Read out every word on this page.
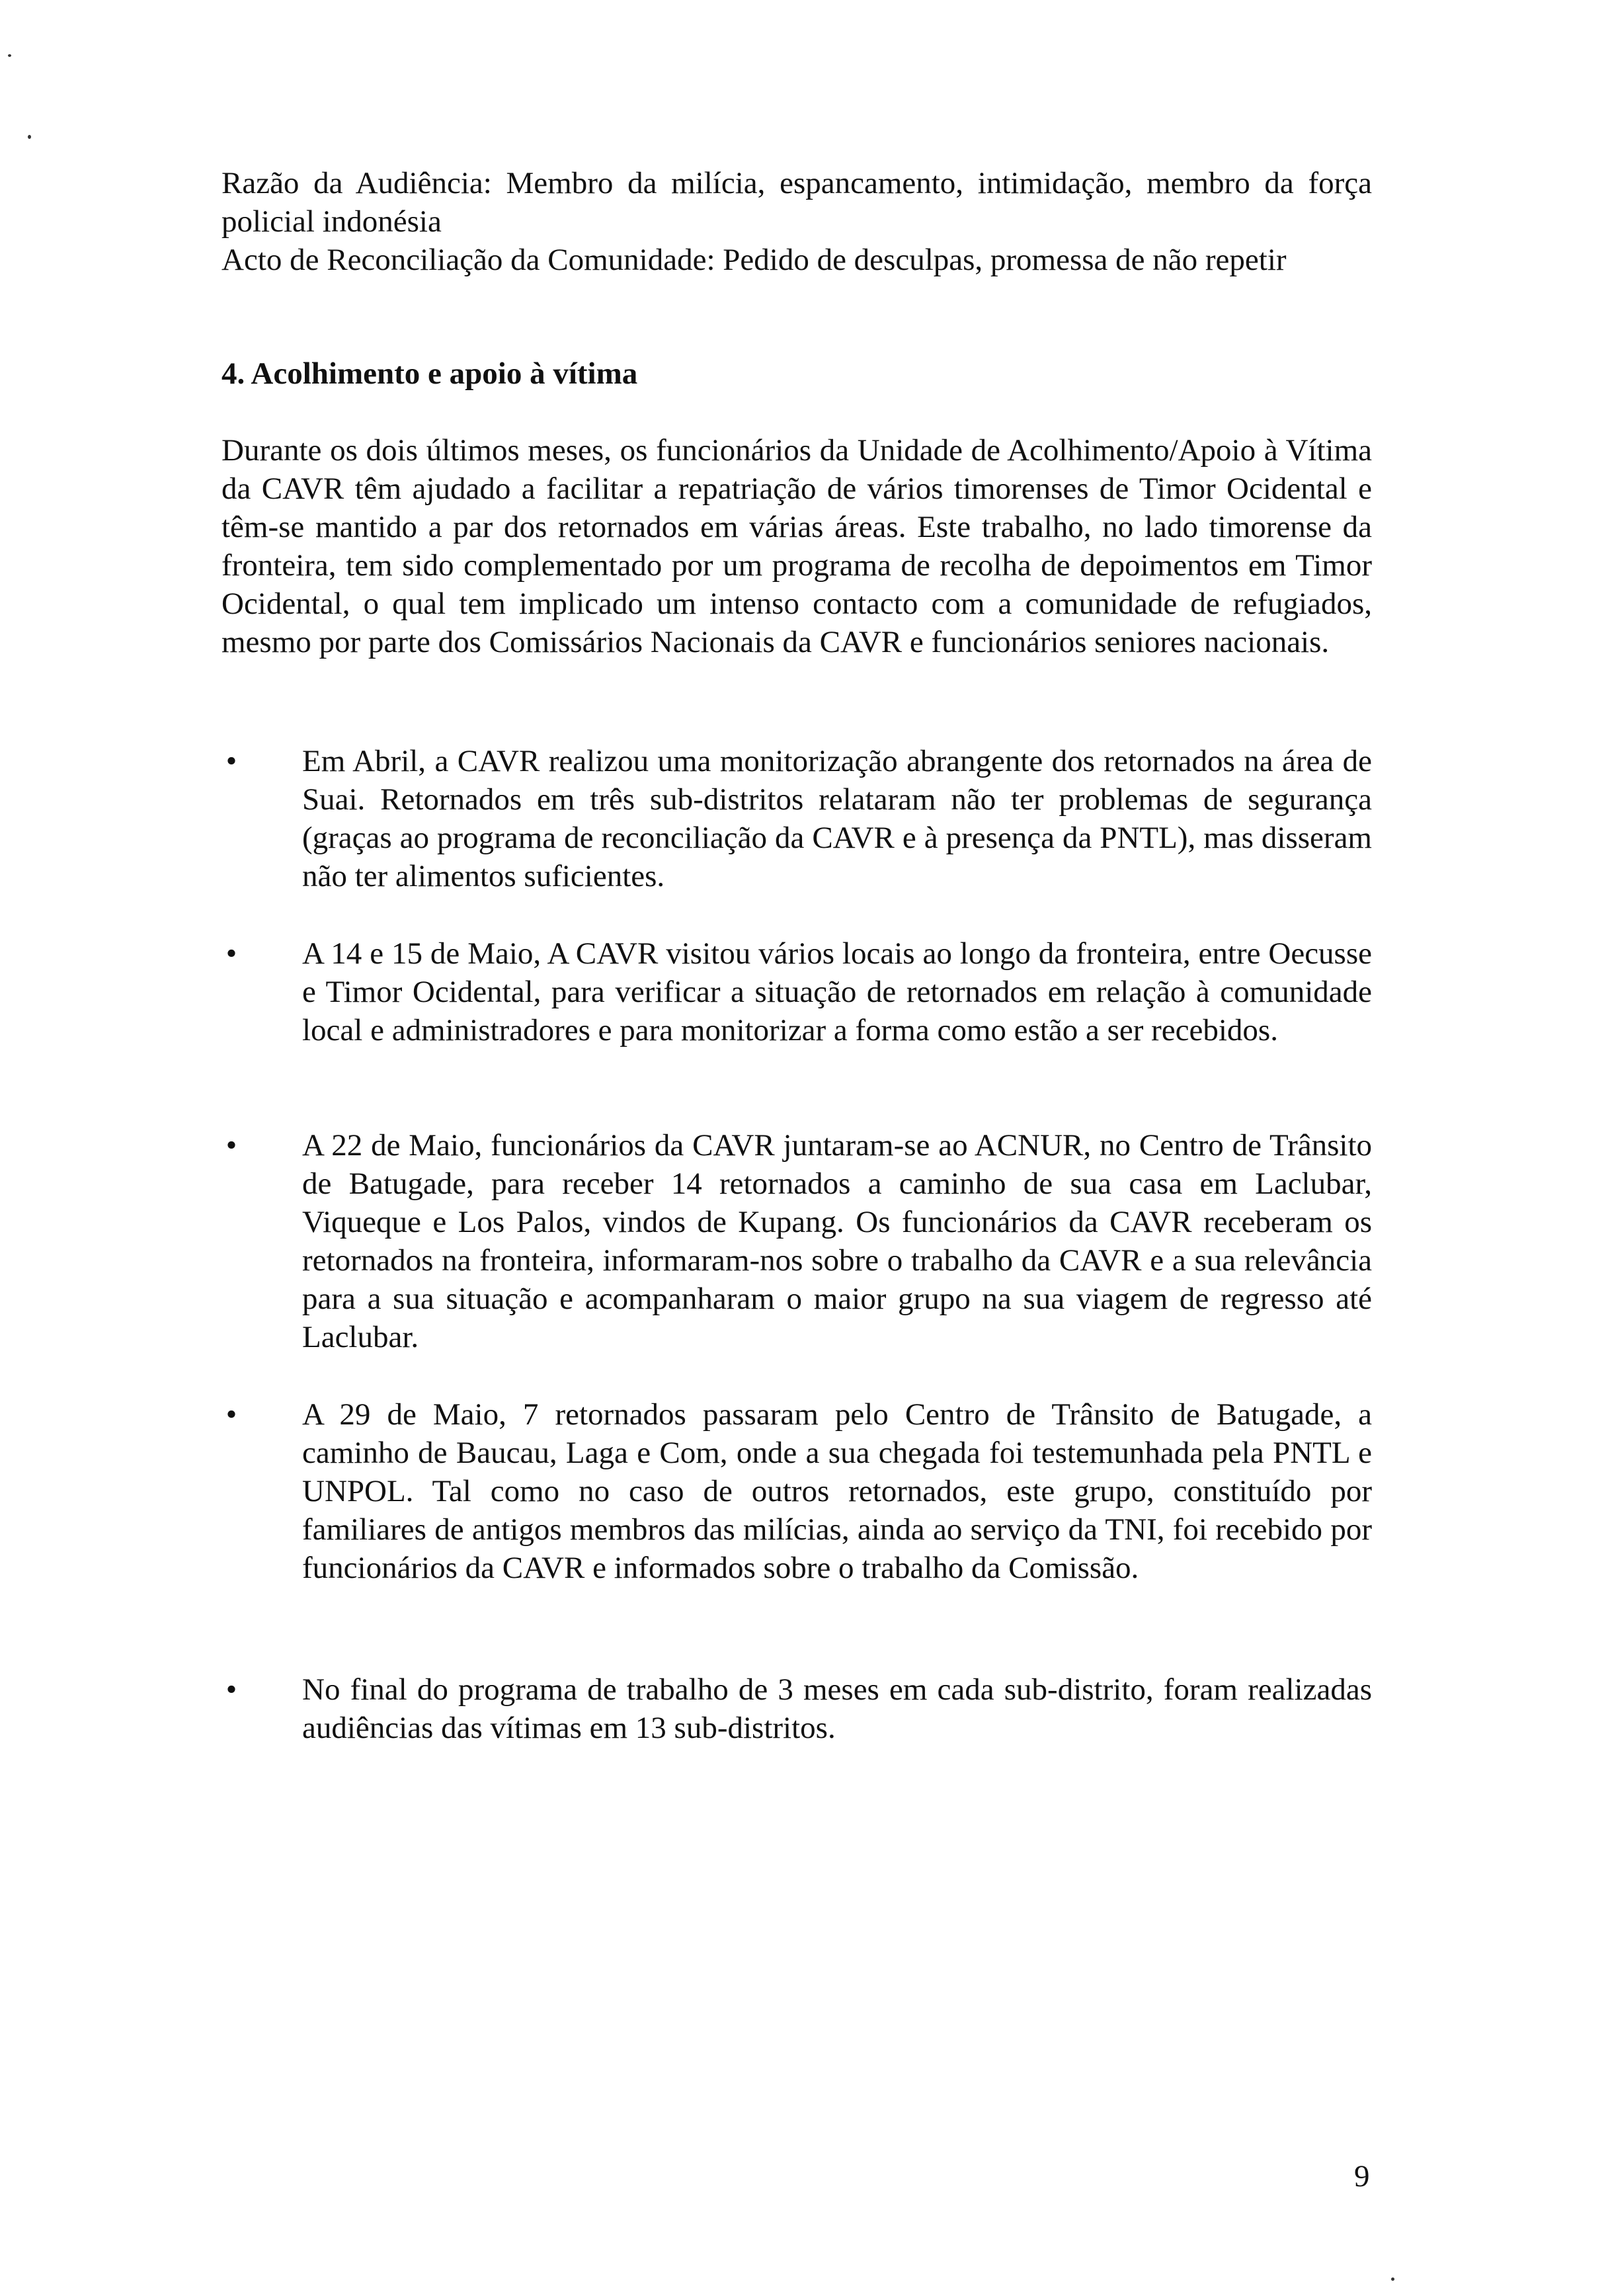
Razão da Audiência: Membro da milícia, espancamento, intimidação, membro da força policial indonésia
Acto de Reconciliação da Comunidade: Pedido de desculpas, promessa de não repetir
4. Acolhimento e apoio à vítima
Durante os dois últimos meses, os funcionários da Unidade de Acolhimento/Apoio à Vítima da CAVR têm ajudado a facilitar a repatriação de vários timorenses de Timor Ocidental e têm-se mantido a par dos retornados em várias áreas. Este trabalho, no lado timorense da fronteira, tem sido complementado por um programa de recolha de depoimentos em Timor Ocidental, o qual tem implicado um intenso contacto com a comunidade de refugiados, mesmo por parte dos Comissários Nacionais da CAVR e funcionários seniores nacionais.
• Em Abril, a CAVR realizou uma monitorização abrangente dos retornados na área de Suai. Retornados em três sub-distritos relataram não ter problemas de segurança (graças ao programa de reconciliação da CAVR e à presença da PNTL), mas disseram não ter alimentos suficientes.
• A 14 e 15 de Maio, A CAVR visitou vários locais ao longo da fronteira, entre Oecusse e Timor Ocidental, para verificar a situação de retornados em relação à comunidade local e administradores e para monitorizar a forma como estão a ser recebidos.
• A 22 de Maio, funcionários da CAVR juntaram-se ao ACNUR, no Centro de Trânsito de Batugade, para receber 14 retornados a caminho de sua casa em Laclubar, Viqueque e Los Palos, vindos de Kupang. Os funcionários da CAVR receberam os retornados na fronteira, informaram-nos sobre o trabalho da CAVR e a sua relevância para a sua situação e acompanharam o maior grupo na sua viagem de regresso até Laclubar.
• A 29 de Maio, 7 retornados passaram pelo Centro de Trânsito de Batugade, a caminho de Baucau, Laga e Com, onde a sua chegada foi testemunhada pela PNTL e UNPOL. Tal como no caso de outros retornados, este grupo, constituído por familiares de antigos membros das milícias, ainda ao serviço da TNI, foi recebido por funcionários da CAVR e informados sobre o trabalho da Comissão.
• No final do programa de trabalho de 3 meses em cada sub-distrito, foram realizadas audiências das vítimas em 13 sub-distritos.
9
